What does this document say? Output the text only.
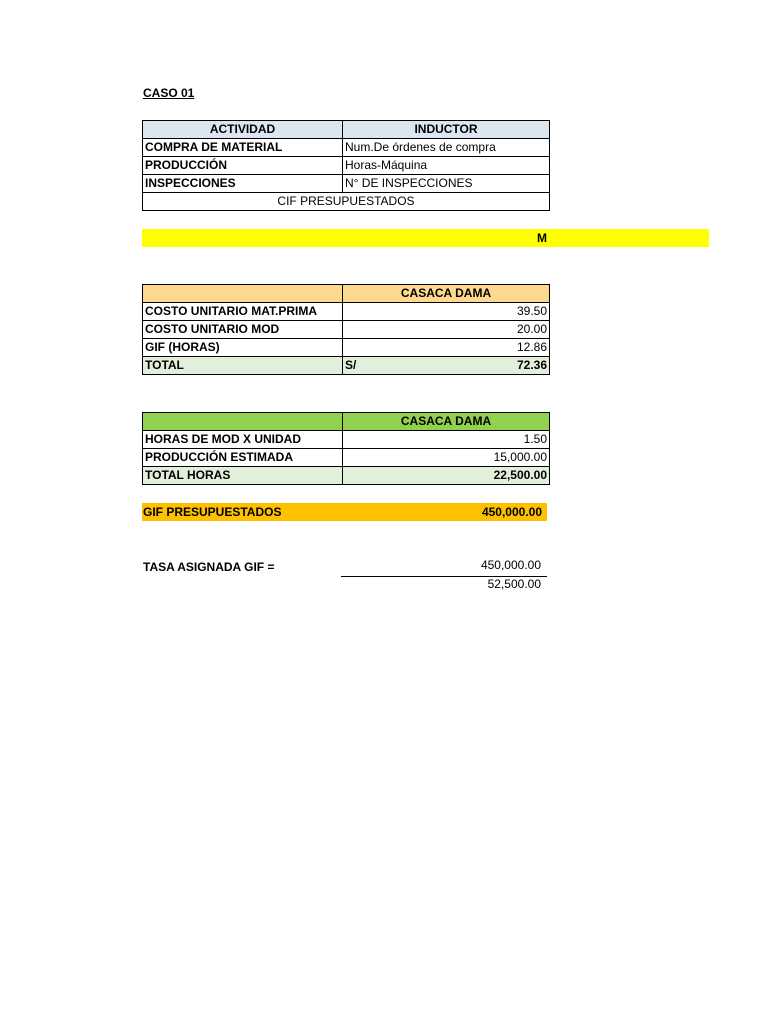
CASO 01
ACTIVIDAD	INDUCTOR
COMPRA DE MATERIAL	Num.De órdenes de compra
PRODUCCIÓN	Horas-Máquina
INSPECCIONES	N° DE INSPECCIONES
CIF PRESUPUESTADOS	
M
	CASACA DAMA
COSTO UNITARIO MAT.PRIMA	39.50
COSTO UNITARIO MOD	20.00
GIF (HORAS)	12.86
TOTAL	S/ 72.36
	CASACA DAMA
HORAS DE MOD X UNIDAD	1.50
PRODUCCIÓN ESTIMADA	15,000.00
TOTAL HORAS	22,500.00
GIF PRESUPUESTADOS	450,000.00
TASA ASIGNADA GIF =	450,000.00
52,500.00
